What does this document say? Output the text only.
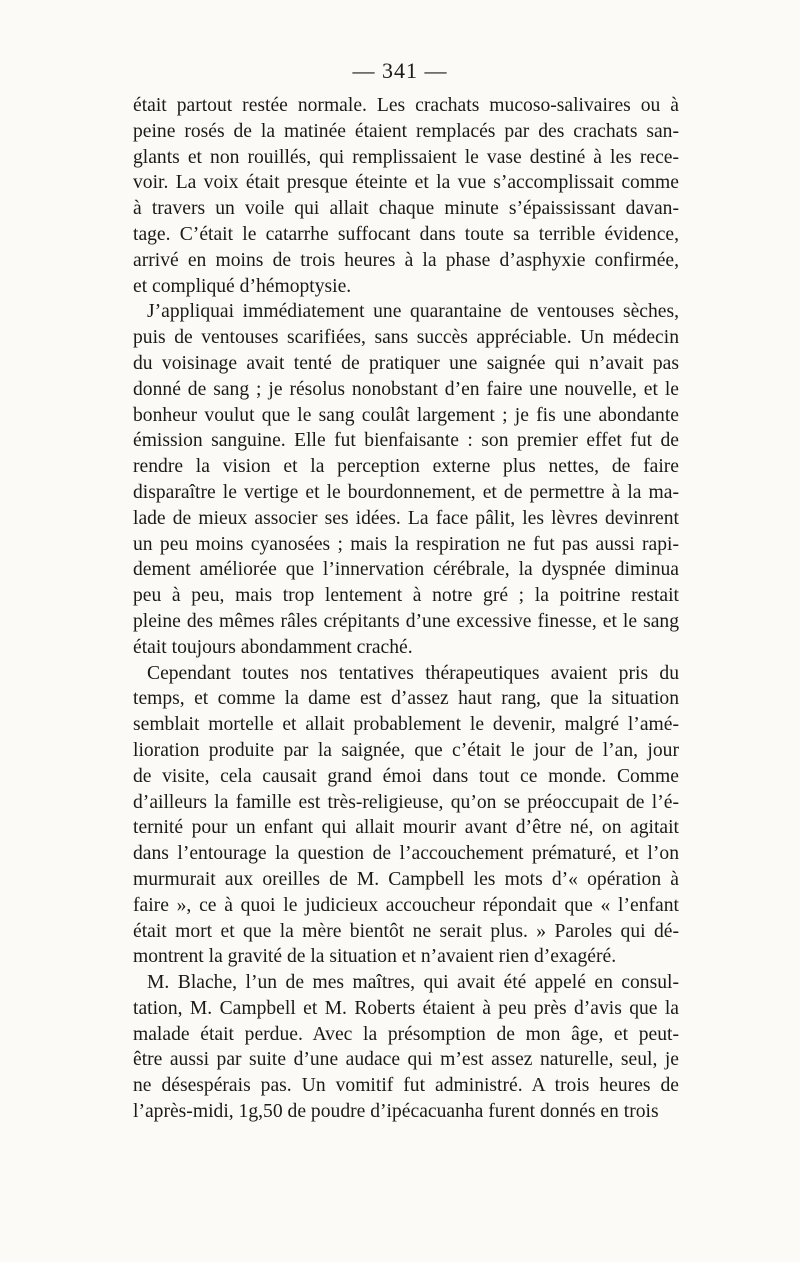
— 341 —
était partout restée normale. Les crachats mucoso-salivaires ou à
peine rosés de la matinée étaient remplacés par des crachats san-
glants et non rouillés, qui remplissaient le vase destiné à les rece-
voir. La voix était presque éteinte et la vue s’accomplissait comme
à travers un voile qui allait chaque minute s’épaississant davan-
tage. C’était le catarrhe suffocant dans toute sa terrible évidence,
arrivé en moins de trois heures à la phase d’asphyxie confirmée,
et compliqué d’hémoptysie.
J’appliquai immédiatement une quarantaine de ventouses sèches,
puis de ventouses scarifiées, sans succès appréciable. Un médecin
du voisinage avait tenté de pratiquer une saignée qui n’avait pas
donné de sang ; je résolus nonobstant d’en faire une nouvelle, et le
bonheur voulut que le sang coulât largement ; je fis une abondante
émission sanguine. Elle fut bienfaisante : son premier effet fut de
rendre la vision et la perception externe plus nettes, de faire
disparaître le vertige et le bourdonnement, et de permettre à la ma-
lade de mieux associer ses idées. La face pâlit, les lèvres devinrent
un peu moins cyanosées ; mais la respiration ne fut pas aussi rapi-
dement améliorée que l’innervation cérébrale, la dyspnée diminua
peu à peu, mais trop lentement à notre gré ; la poitrine restait
pleine des mêmes râles crépitants d’une excessive finesse, et le sang
était toujours abondamment craché.
Cependant toutes nos tentatives thérapeutiques avaient pris du
temps, et comme la dame est d’assez haut rang, que la situation
semblait mortelle et allait probablement le devenir, malgré l’amé-
lioration produite par la saignée, que c’était le jour de l’an, jour
de visite, cela causait grand émoi dans tout ce monde. Comme
d’ailleurs la famille est très-religieuse, qu’on se préoccupait de l’é-
ternité pour un enfant qui allait mourir avant d’être né, on agitait
dans l’entourage la question de l’accouchement prématuré, et l’on
murmurait aux oreilles de M. Campbell les mots d’« opération à
faire », ce à quoi le judicieux accoucheur répondait que « l’enfant
était mort et que la mère bientôt ne serait plus. » Paroles qui dé-
montrent la gravité de la situation et n’avaient rien d’exagéré.
M. Blache, l’un de mes maîtres, qui avait été appelé en consul-
tation, M. Campbell et M. Roberts étaient à peu près d’avis que la
malade était perdue. Avec la présomption de mon âge, et peut-
être aussi par suite d’une audace qui m’est assez naturelle, seul, je
ne désespérais pas. Un vomitif fut administré. A trois heures de
l’après-midi, 1g,50 de poudre d’ipécacuanha furent donnés en trois
